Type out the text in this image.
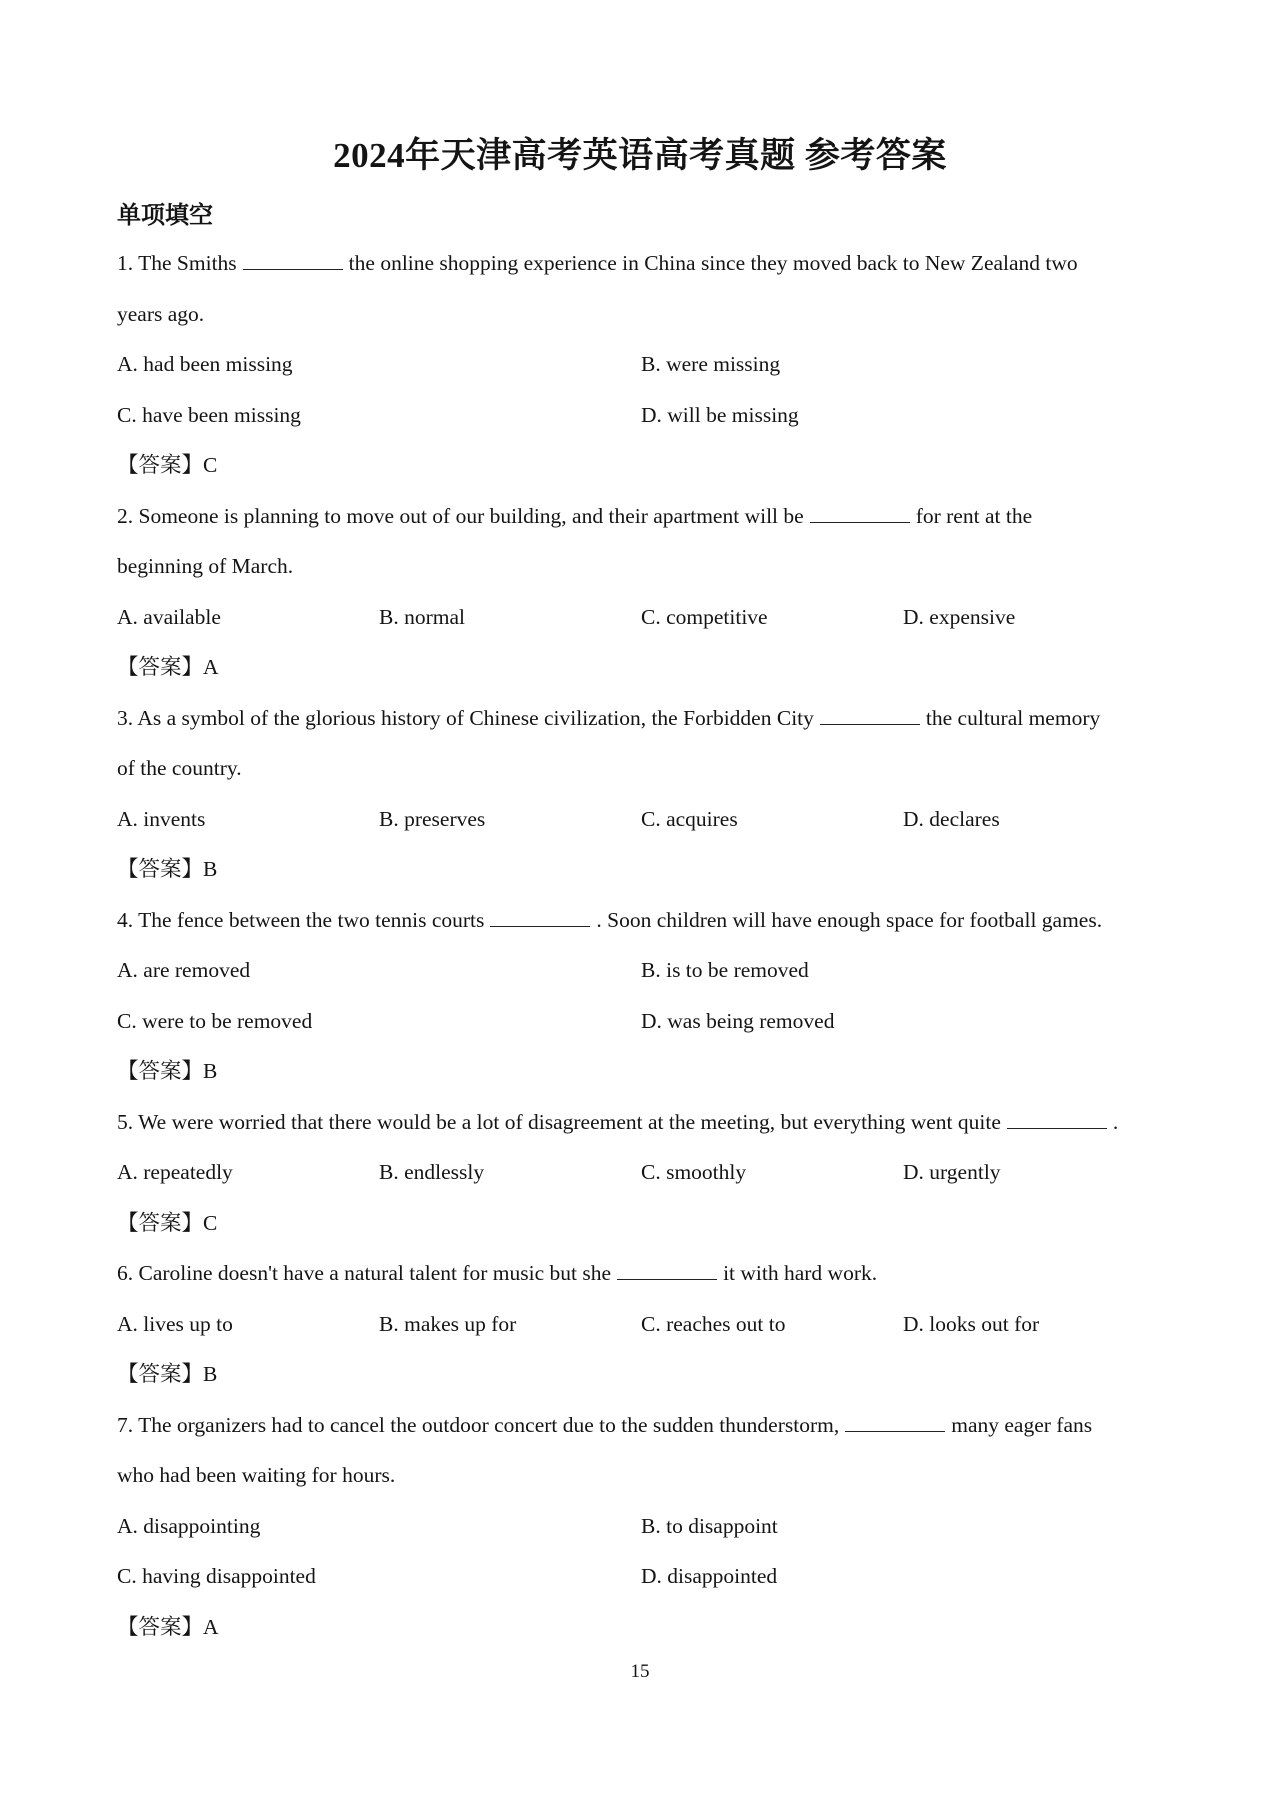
2024年天津高考英语高考真题 参考答案
单项填空
1. The Smiths	the online shopping experience in China since they moved back to New Zealand two
years ago.
A. had been missing	B. were missing
C. have been missing	D. will be missing
【答案】C
2. Someone is planning to move out of our building, and their apartment will be	for rent at the
beginning of March.
A. available	B. normal	C. competitive	D. expensive
【答案】A
3. As a symbol of the glorious history of Chinese civilization, the Forbidden City	the cultural memory
of the country.
A. invents	B. preserves	C. acquires	D. declares
【答案】B
4. The fence between the two tennis courts	. Soon children will have enough space for football games.
A. are removed	B. is to be removed
C. were to be removed	D. was being removed
【答案】B
5. We were worried that there would be a lot of disagreement at the meeting, but everything went quite	.
A. repeatedly	B. endlessly	C. smoothly	D. urgently
【答案】C
6. Caroline doesn't have a natural talent for music but she	it with hard work.
A. lives up to	B. makes up for	C. reaches out to	D. looks out for
【答案】B
7. The organizers had to cancel the outdoor concert due to the sudden thunderstorm,	many eager fans
who had been waiting for hours.
A. disappointing	B. to disappoint
C. having disappointed	D. disappointed
【答案】A
15
